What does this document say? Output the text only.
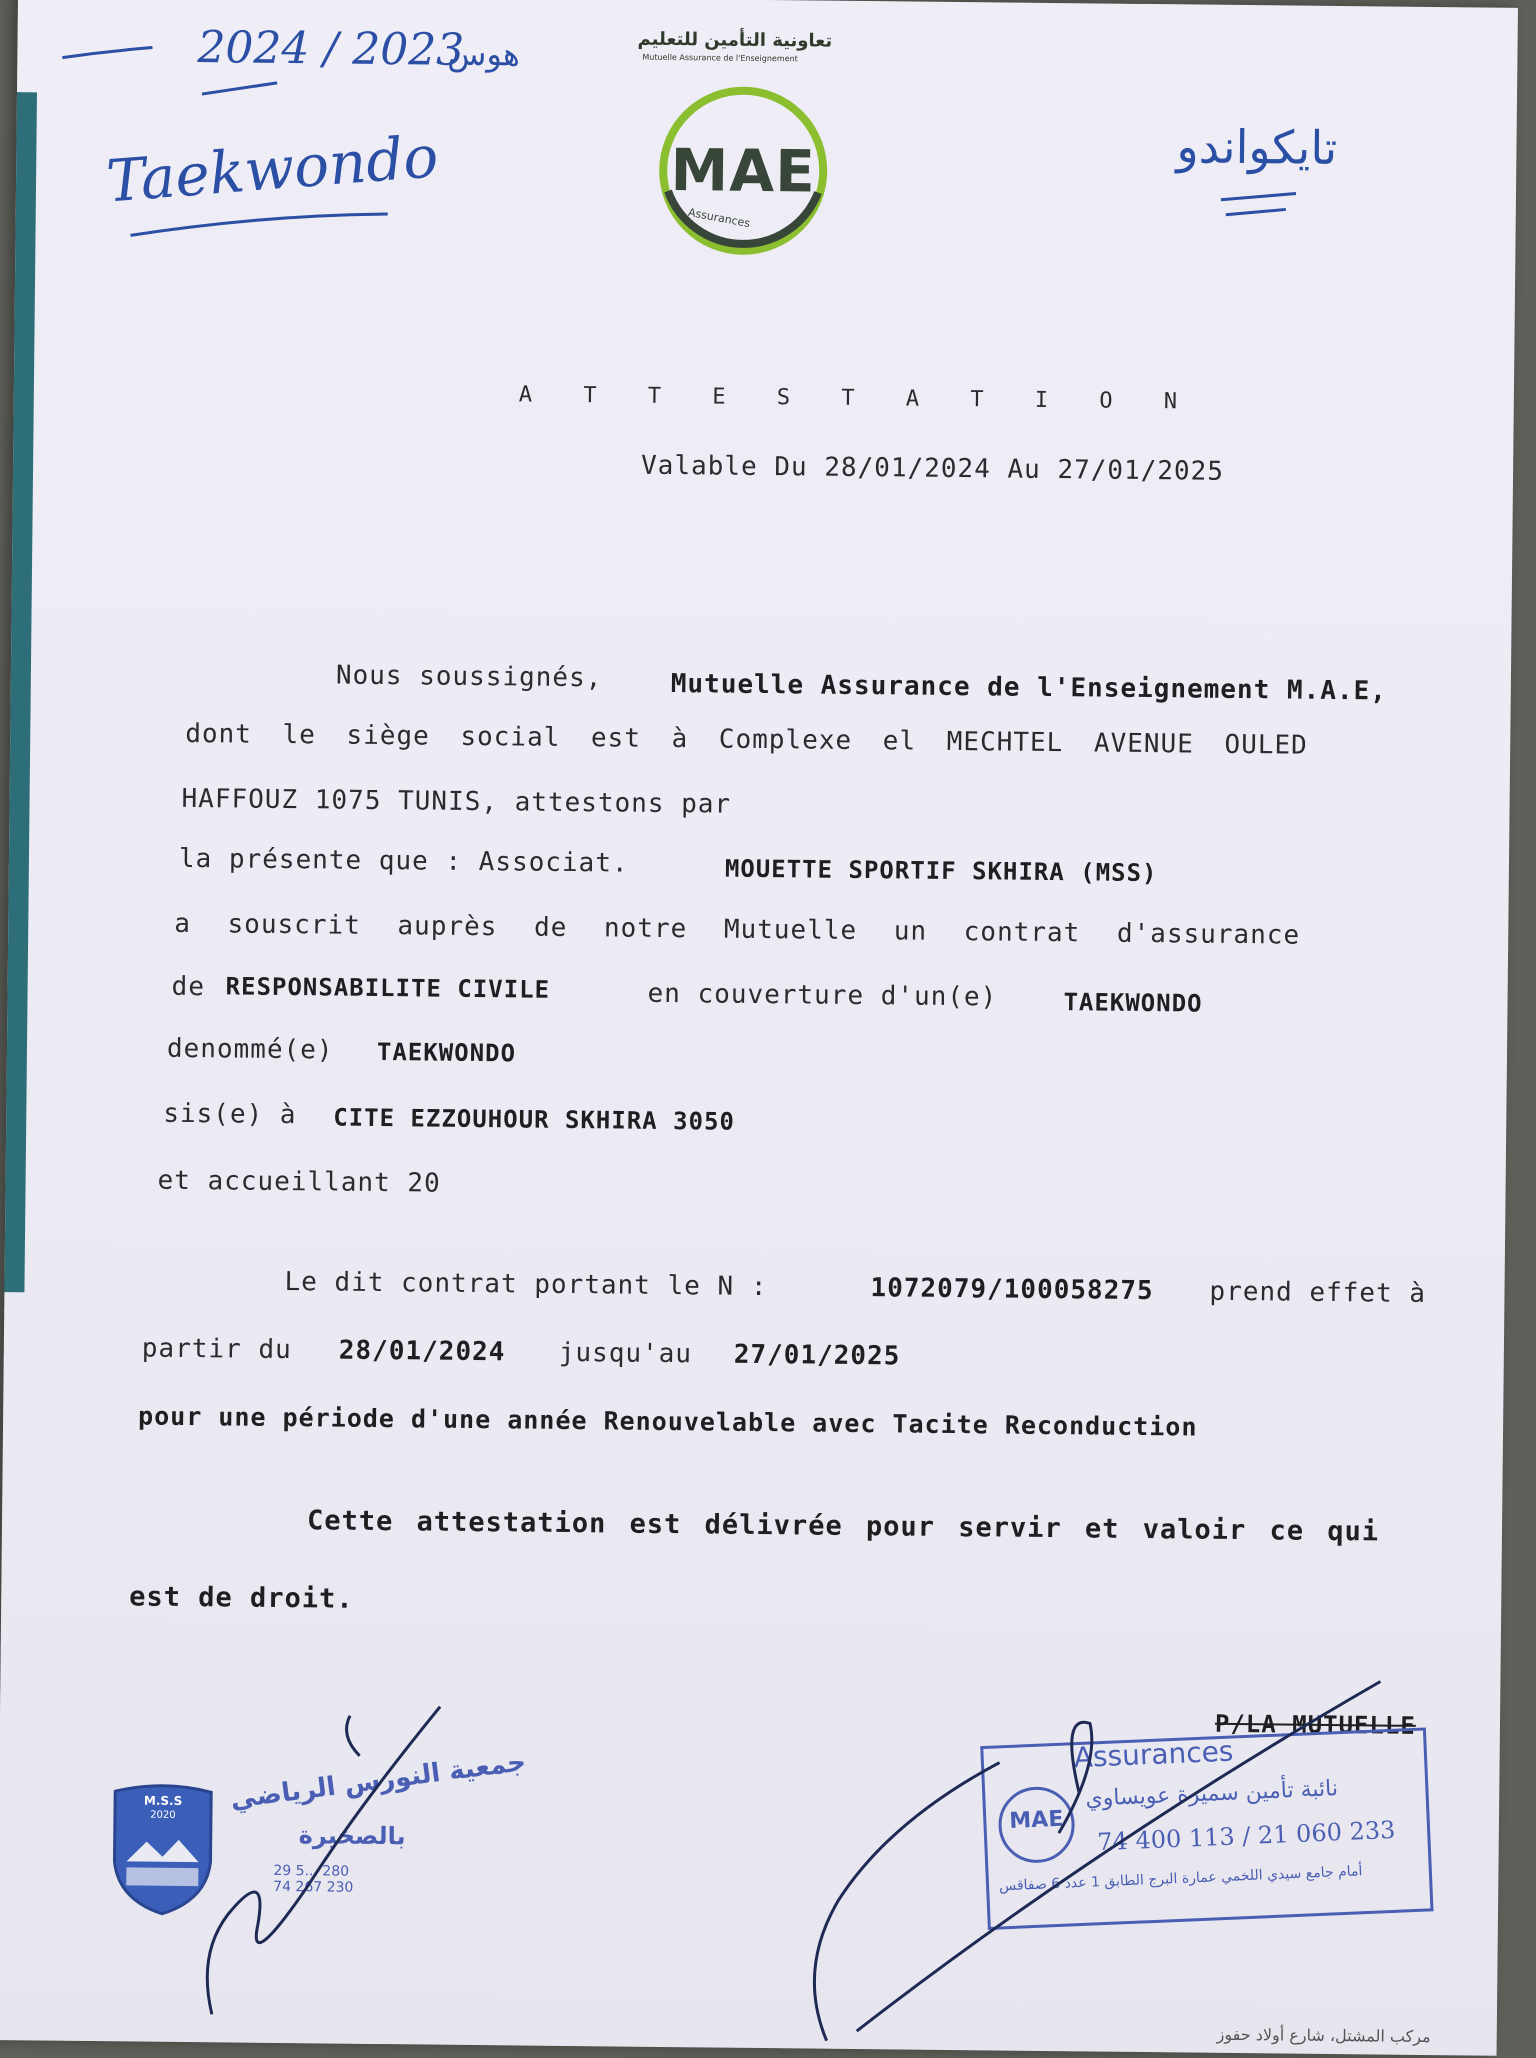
2024 / 2023
هوس
Taekwondo	تايكواندو
تعاونية التأمين للتعليم
Mutuelle Assurance de l'Enseignement
MAE
Assurances
A T T E S T A T I O N
Valable Du 28/01/2024 Au 27/01/2025
Nous soussignés,	Mutuelle Assurance de l'Enseignement M.A.E,
dont le siège social est à Complexe el MECHTEL AVENUE OULED
HAFFOUZ 1075 TUNIS, attestons par
la présente que : Associat.	MOUETTE SPORTIF SKHIRA (MSS)
a souscrit auprès de notre Mutuelle un contrat d'assurance
de RESPONSABILITE CIVILE	en couverture d'un(e)	TAEKWONDO
denommé(e) TAEKWONDO
sis(e) à CITE EZZOUHOUR SKHIRA 3050
et accueillant 20
Le dit contrat portant le N :	1072079/100058275 prend effet à
partir du 28/01/2024 jusqu'au 27/01/2025
pour une période d'une année Renouvelable avec Tacite Reconduction
Cette attestation est délivrée pour servir et valoir ce qui
est de droit.
M.S.S
2020
جمعية النورس الرياضي
بالصخيرة
29 5... 280
74 267 230
P/LA MUTUELLE
Assurances
MAE
نائبة تأمين سميرة عويساوي
74 400 113 / 21 060 233
أمام جامع سيدي اللخمي عمارة البرج الطابق 1 عدد 6 صفاقس
مركب المشتل، شارع أولاد حفوز
